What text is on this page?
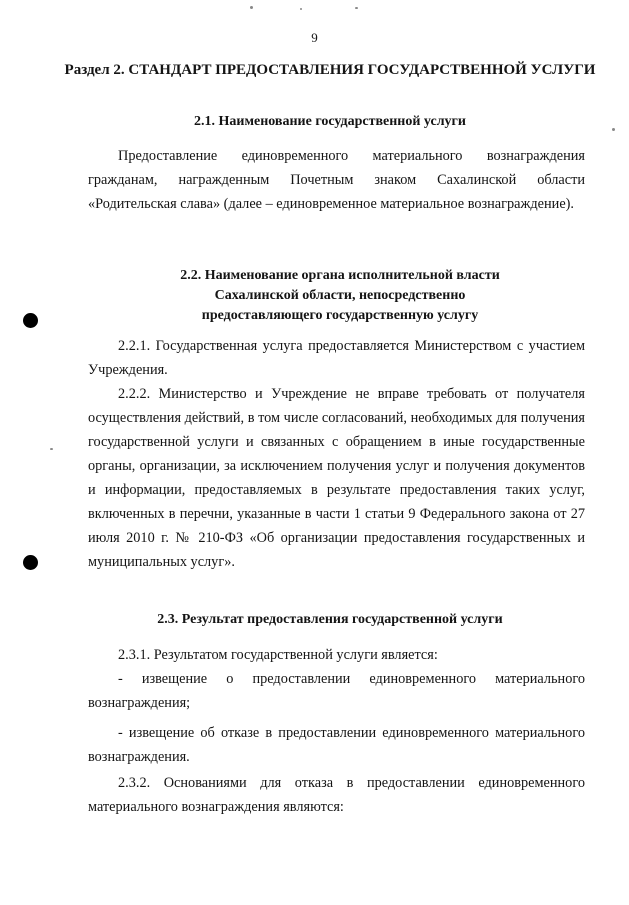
9
Раздел 2. СТАНДАРТ ПРЕДОСТАВЛЕНИЯ ГОСУДАРСТВЕННОЙ УСЛУГИ
2.1. Наименование государственной услуги
Предоставление единовременного материального вознаграждения гражданам, награжденным Почетным знаком Сахалинской области «Родительская слава» (далее – единовременное материальное вознаграждение).
2.2. Наименование органа исполнительной власти Сахалинской области, непосредственно предоставляющего государственную услугу
2.2.1. Государственная услуга предоставляется Министерством с участием Учреждения.
2.2.2. Министерство и Учреждение не вправе требовать от получателя осуществления действий, в том числе согласований, необходимых для получения государственной услуги и связанных с обращением в иные государственные органы, организации, за исключением получения услуг и получения документов и информации, предоставляемых в результате предоставления таких услуг, включенных в перечни, указанные в части 1 статьи 9 Федерального закона от 27 июля 2010 г. № 210-ФЗ «Об организации предоставления государственных и муниципальных услуг».
2.3. Результат предоставления государственной услуги
2.3.1. Результатом государственной услуги является:
- извещение о предоставлении единовременного материального вознаграждения;
- извещение об отказе в предоставлении единовременного материального вознаграждения.
2.3.2. Основаниями для отказа в предоставлении единовременного материального вознаграждения являются:
